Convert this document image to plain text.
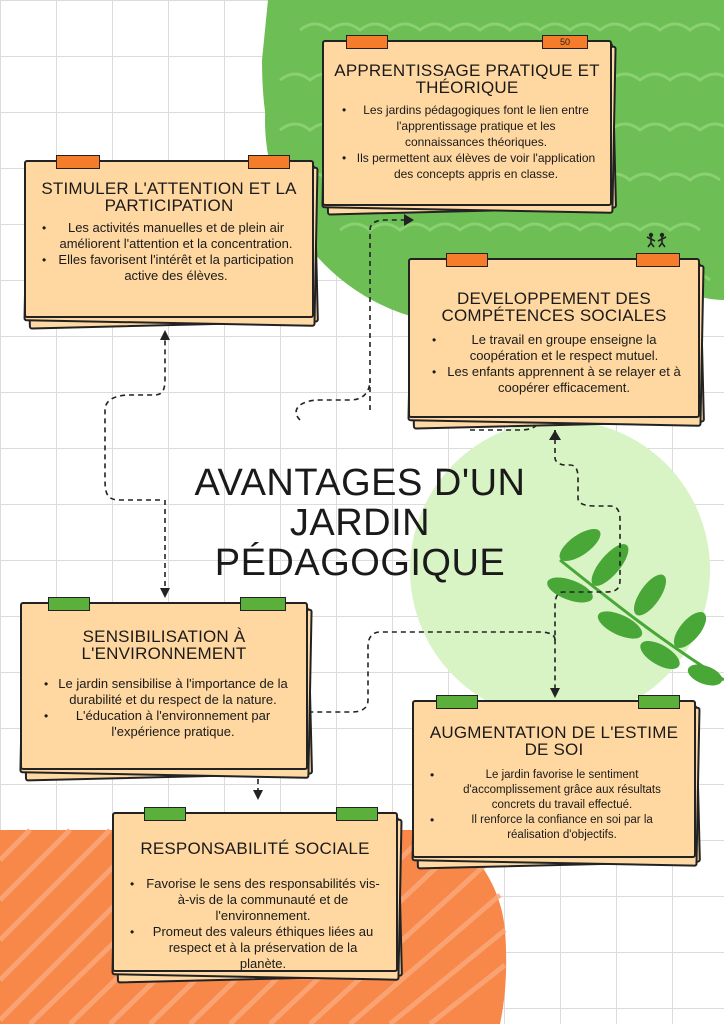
50
APPRENTISSAGE PRATIQUE ET THÉORIQUE
• Les jardins pédagogiques font le lien entre l'apprentissage pratique et les connaissances théoriques.
• Ils permettent aux élèves de voir l'application des concepts appris en classe.
STIMULER L'ATTENTION ET LA PARTICIPATION
• Les activités manuelles et de plein air améliorent l'attention et la concentration.
• Elles favorisent l'intérêt et la participation active des élèves.
DEVELOPPEMENT DES COMPÉTENCES SOCIALES
• Le travail en groupe enseigne la coopération et le respect mutuel.
• Les enfants apprennent à se relayer et à coopérer efficacement.
SENSIBILISATION À L'ENVIRONNEMENT
• Le jardin sensibilise à l'importance de la durabilité et du respect de la nature.
• L'éducation à l'environnement par l'expérience pratique.	AUGMENTATION DE L'ESTIME DE SOI
• Le jardin favorise le sentiment d'accomplissement grâce aux résultats concrets du travail effectué.
• Il renforce la confiance en soi par la réalisation d'objectifs.
RESPONSABILITÉ SOCIALE
• Favorise le sens des responsabilités vis-à-vis de la communauté et de l'environnement.
• Promeut des valeurs éthiques liées au respect et à la préservation de la planète.
AVANTAGES D'UN JARDIN PÉDAGOGIQUE
